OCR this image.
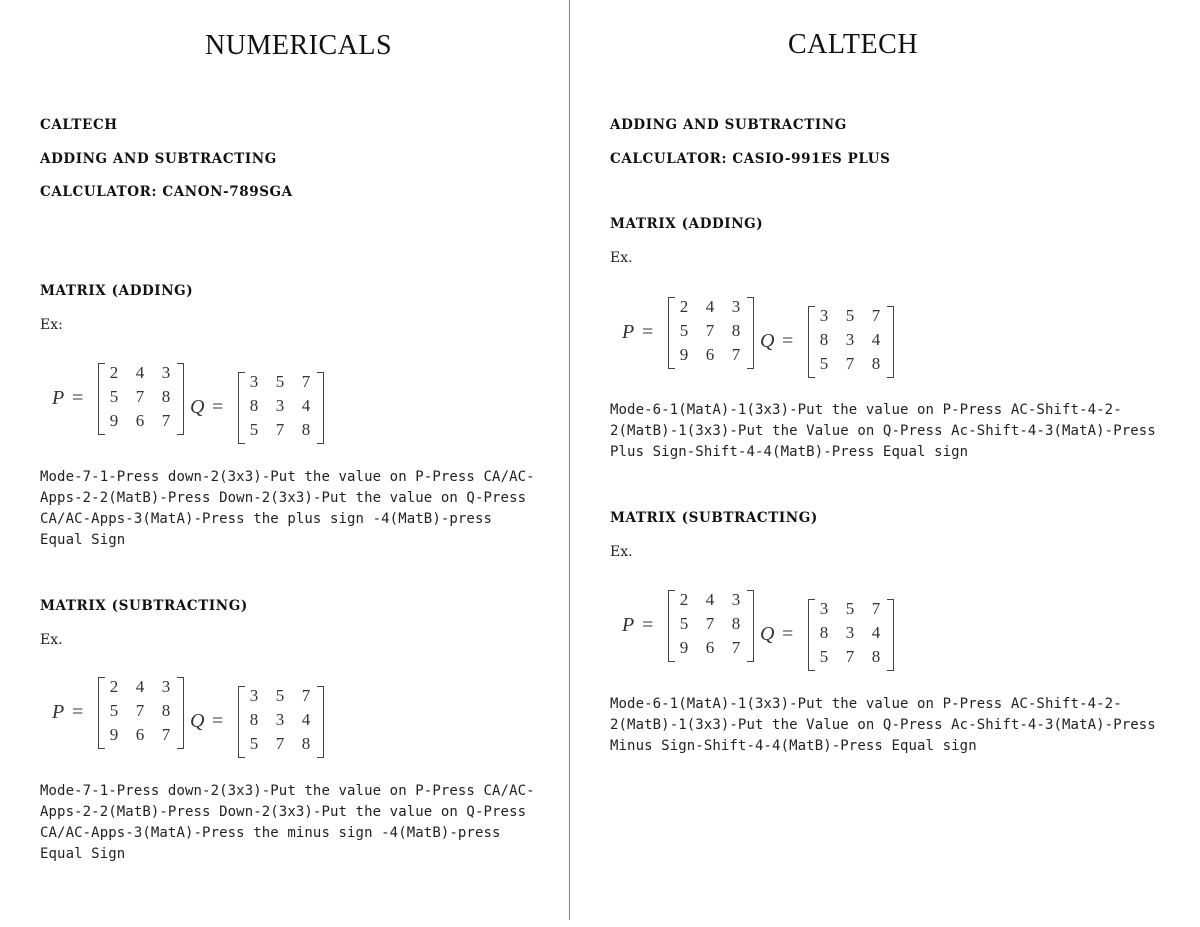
NUMERICALS
CALTECH
ADDING AND SUBTRACTING
CALCULATOR: CANON-789SGA
MATRIX (ADDING)
Ex:
Mode-7-1-Press down-2(3x3)-Put the value on P-Press CA/AC-Apps-2-2(MatB)-Press Down-2(3x3)-Put the value on Q-Press CA/AC-Apps-3(MatA)-Press the plus sign -4(MatB)-press Equal Sign
MATRIX (SUBTRACTING)
Ex.
Mode-7-1-Press down-2(3x3)-Put the value on P-Press CA/AC-Apps-2-2(MatB)-Press Down-2(3x3)-Put the value on Q-Press CA/AC-Apps-3(MatA)-Press the minus sign -4(MatB)-press Equal Sign
P =
2	4	3
5	7	8
9	6	7
Q =
3	5	7
8	3	4
5	7	8
P =
2	4	3
5	7	8
9	6	7
Q =
3	5	7
8	3	4
5	7	8
CALTECH
ADDING AND SUBTRACTING
CALCULATOR: CASIO-991ES PLUS
MATRIX (ADDING)
Ex.
Mode-6-1(MatA)-1(3x3)-Put the value on P-Press AC-Shift-4-2-2(MatB)-1(3x3)-Put the Value on Q-Press Ac-Shift-4-3(MatA)-Press Plus Sign-Shift-4-4(MatB)-Press Equal sign
MATRIX (SUBTRACTING)
Ex.
Mode-6-1(MatA)-1(3x3)-Put the value on P-Press AC-Shift-4-2-2(MatB)-1(3x3)-Put the Value on Q-Press Ac-Shift-4-3(MatA)-Press Minus Sign-Shift-4-4(MatB)-Press Equal sign
P =
2	4	3
5	7	8
9	6	7
Q =
3	5	7
8	3	4
5	7	8
P =
2	4	3
5	7	8
9	6	7
Q =
3	5	7
8	3	4
5	7	8
